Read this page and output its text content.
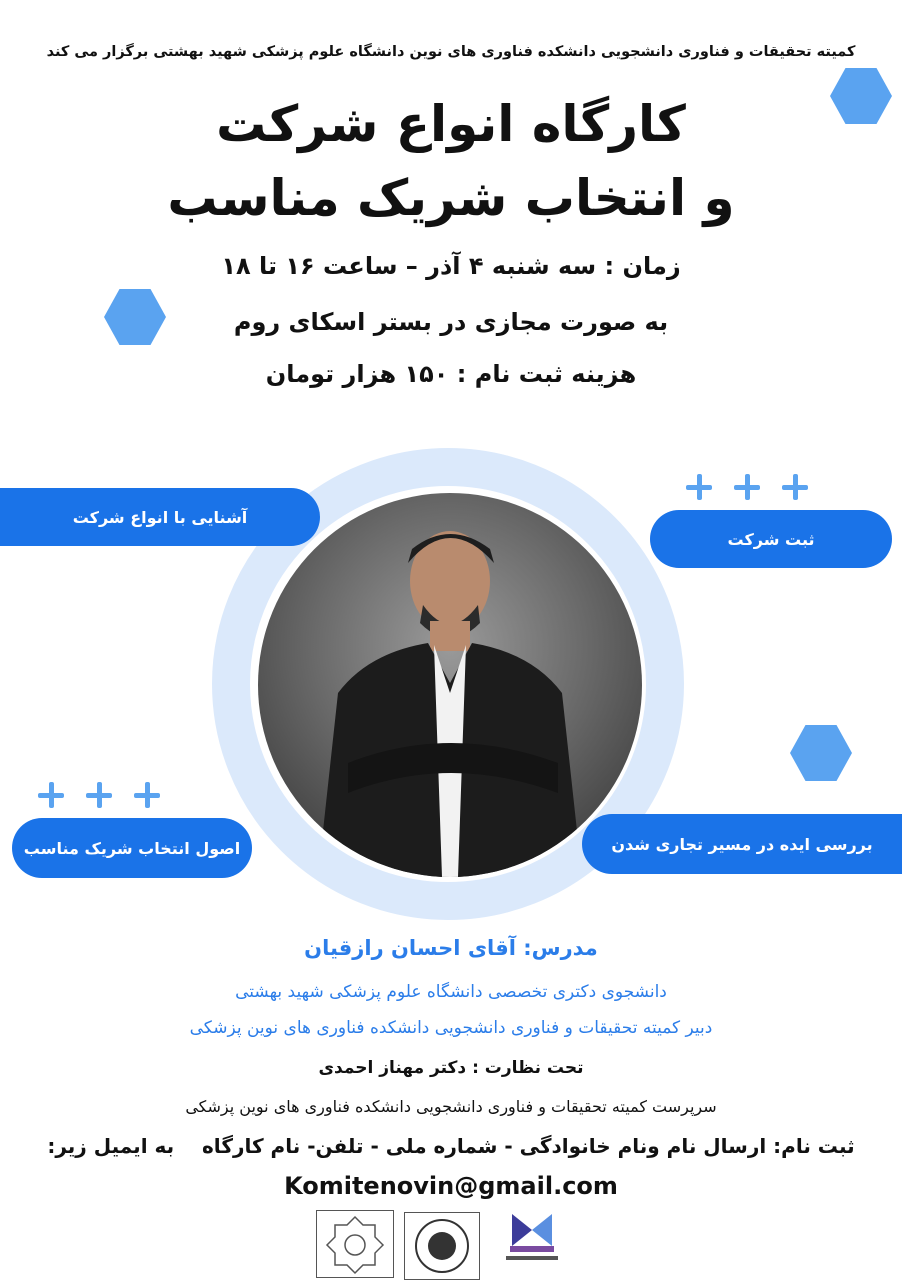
کمیته تحقیقات و فناوری دانشجویی دانشکده فناوری های نوین دانشگاه علوم پزشکی شهید بهشتی برگزار می کند
کارگاه انواع شرکت
و انتخاب شریک مناسب
زمان : سه شنبه ۴ آذر – ساعت ۱۶ تا ۱۸
به صورت مجازی در بستر اسکای روم
هزینه ثبت نام : ۱۵۰ هزار تومان
آشنایی با انواع شرکت
ثبت شرکت
اصول انتخاب شریک مناسب	بررسی ایده در مسیر تجاری شدن
مدرس: آقای احسان رازقیان
دانشجوی دکتری تخصصی دانشگاه علوم پزشکی شهید بهشتی
دبیر کمیته تحقیقات و فناوری دانشجویی دانشکده فناوری های نوین پزشکی
تحت نظارت : دکتر مهناز احمدی
سرپرست کمیته تحقیقات و فناوری دانشجویی دانشکده فناوری های نوین پزشکی
ثبت نام: ارسال نام ونام خانوادگی - شماره ملی - تلفن- نام کارگاه    به ایمیل زیر:
Komitenovin@gmail.com
